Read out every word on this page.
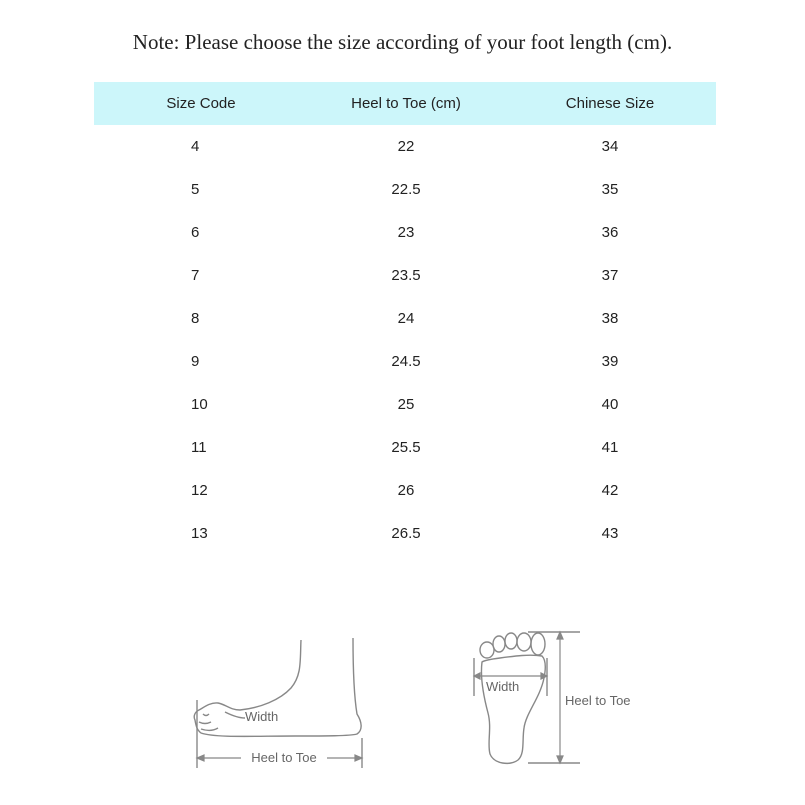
Note: Please choose the size according of your foot length (cm).
Size Code	Heel to Toe (cm)	Chinese Size
4	22	34
5	22.5	35
6	23	36
7	23.5	37
8	24	38
9	24.5	39
10	25	40
11	25.5	41
12	26	42
13	26.5	43
Width
Heel to Toe
Width
Heel to Toe
